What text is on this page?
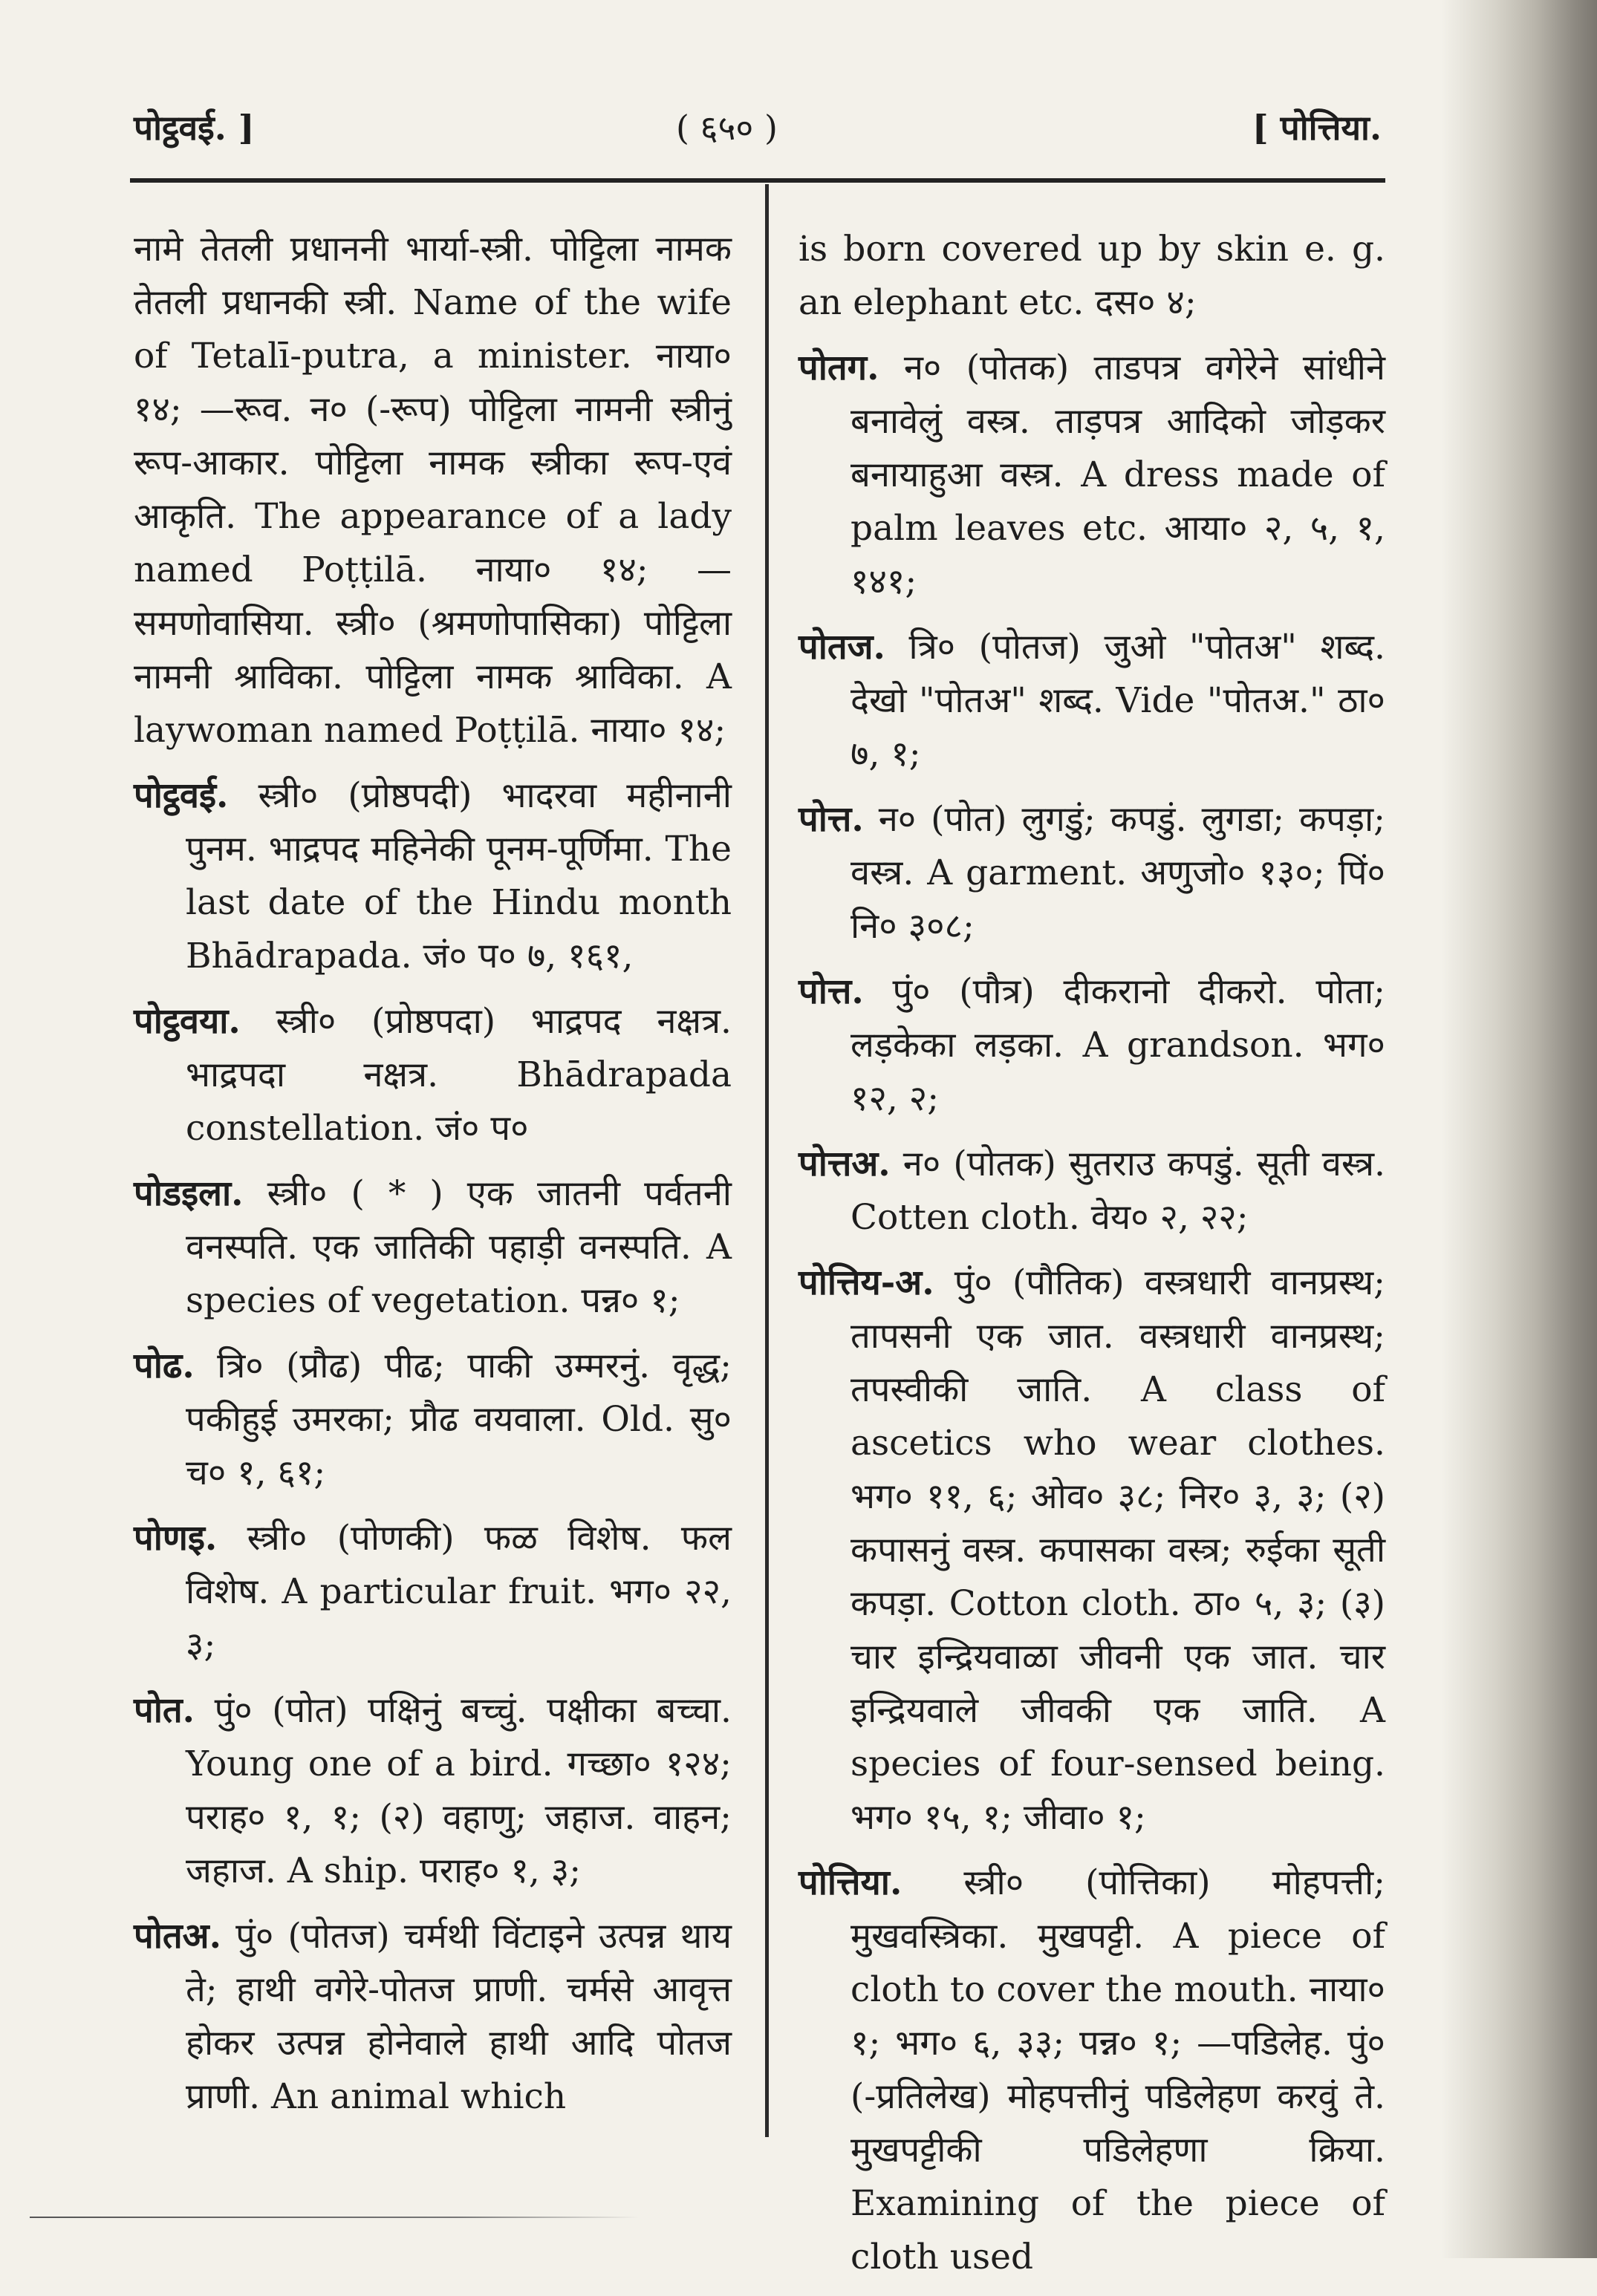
पोट्ठवई. ]	( ६५० )	[ पोत्तिया.

नामे तेतली प्रधाननी भार्या-स्त्री. पोट्टिला नामक तेतली प्रधानकी स्त्री. Name of the wife of Tetalī-putra, a minister. नाया० १४; —रूव. न० (-रूप) पोट्टिला नामनी स्त्रीनुं रूप-आकार. पोट्टिला नामक स्त्रीका रूप-एवं आकृति. The appearance of a lady named Poṭṭilā. नाया० १४; —समणोवासिया. स्त्री० (श्रमणोपासिका) पोट्टिला नामनी श्राविका. पोट्टिला नामक श्राविका. A laywoman named Poṭṭilā. नाया० १४;

पोट्ठवई. स्त्री० (प्रोष्ठपदी) भादरवा महीनानी पुनम. भाद्रपद महिनेकी पूनम-पूर्णिमा. The last date of the Hindu month Bhādrapada. जं० प० ७, १६१,

पोट्ठवया. स्त्री० (प्रोष्ठपदा) भाद्रपद नक्षत्र. भाद्रपदा नक्षत्र. Bhādrapada constellation. जं० प०

पोडइला. स्त्री० ( * ) एक जातनी पर्वतनी वनस्पति. एक जातिकी पहाड़ी वनस्पति. A species of vegetation. पन्न० १;

पोढ. त्रि० (प्रौढ) पीढ; पाकी उम्मरनुं. वृद्ध; पकीहुई उमरका; प्रौढ वयवाला. Old. सु० च० १, ६१;

पोणइ. स्त्री० (पोणकी) फळ विशेष. फल विशेष. A particular fruit. भग० २२, ३;

पोत. पुं० (पोत) पक्षिनुं बच्चुं. पक्षीका बच्चा. Young one of a bird. गच्छा० १२४; पराह० १, १; (२) वहाणु; जहाज. वाहन; जहाज. A ship. पराह० १, ३;

पोतअ. पुं० (पोतज) चर्मथी विंटाइने उत्पन्न थाय ते; हाथी वगेरे-पोतज प्राणी. चर्मसे आवृत्त होकर उत्पन्न होनेवाले हाथी आदि पोतज प्राणी. An animal which

is born covered up by skin e. g. an elephant etc. दस० ४;

पोतग. न० (पोतक) ताडपत्र वगेरेने सांधीने बनावेलुं वस्त्र. ताड़पत्र आदिको जोड़कर बनायाहुआ वस्त्र. A dress made of palm leaves etc. आया० २, ५, १, १४१;

पोतज. त्रि० (पोतज) जुओ "पोतअ" शब्द. देखो "पोतअ" शब्द. Vide "पोतअ." ठा० ७, १;

पोत्त. न० (पोत) लुगडुं; कपडुं. लुगडा; कपड़ा; वस्त्र. A garment. अणुजो० १३०; पिं० नि० ३०८;

पोत्त. पुं० (पौत्र) दीकरानो दीकरो. पोता; लड़केका लड़का. A grandson. भग० १२, २;

पोत्तअ. न० (पोतक) सुतराउ कपडुं. सूती वस्त्र. Cotten cloth. वेय० २, २२;

पोत्तिय-अ. पुं० (पौतिक) वस्त्रधारी वानप्रस्थ; तापसनी एक जात. वस्त्रधारी वानप्रस्थ; तपस्वीकी जाति. A class of ascetics who wear clothes. भग० ११, ६; ओव० ३८; निर० ३, ३; (२) कपासनुं वस्त्र. कपासका वस्त्र; रुईका सूती कपड़ा. Cotton cloth. ठा० ५, ३; (३) चार इन्द्रियवाळा जीवनी एक जात. चार इन्द्रियवाले जीवकी एक जाति. A species of four-sensed being. भग० १५, १; जीवा० १;

पोत्तिया. स्त्री० (पोत्तिका) मोहपत्ती; मुखवस्त्रिका. मुखपट्टी. A piece of cloth to cover the mouth. नाया० १; भग० ६, ३३; पन्न० १; —पडिलेह. पुं० (-प्रतिलेख) मोहपत्तीनुं पडिलेहण करवुं ते. मुखपट्टीकी पडिलेहणा क्रिया. Examining of the piece of cloth used
